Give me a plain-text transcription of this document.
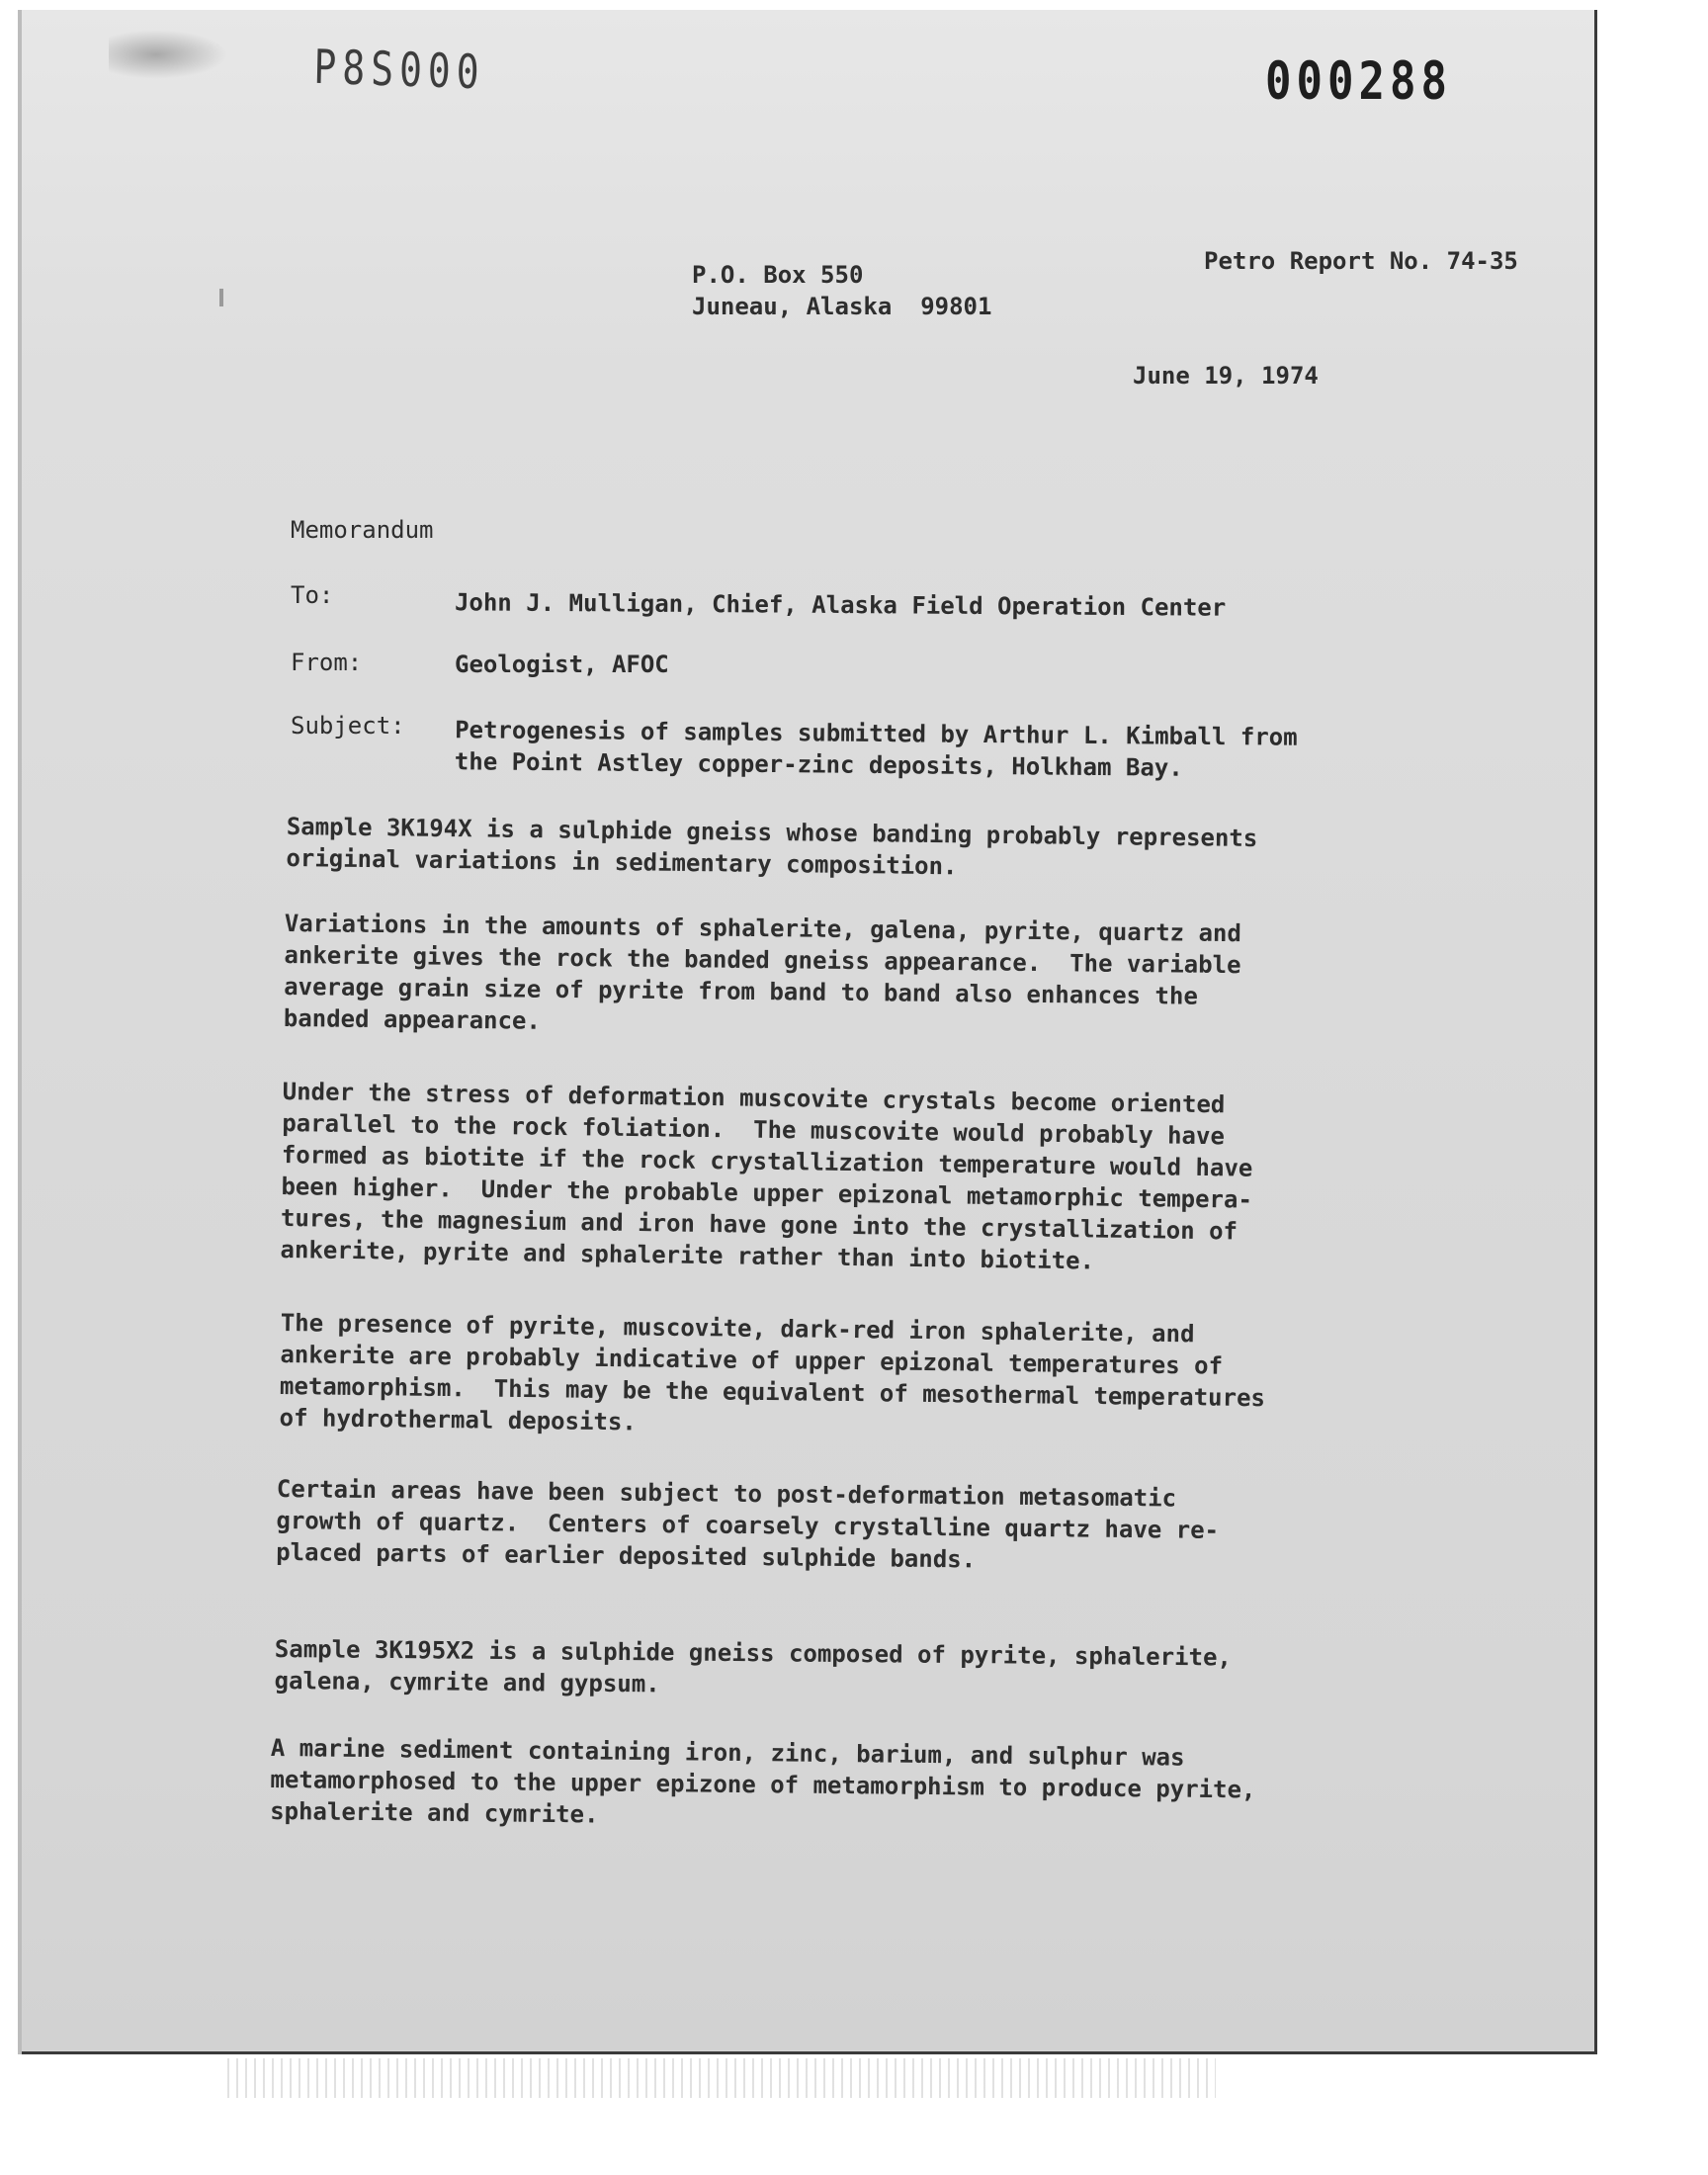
P8S000	000288
P.O. Box 550
Juneau, Alaska  99801
Petro Report No. 74-35
June 19, 1974
Memorandum
To:	John J. Mulligan, Chief, Alaska Field Operation Center
From:	Geologist, AFOC
Subject: Petrogenesis of samples submitted by Arthur L. Kimball from
the Point Astley copper-zinc deposits, Holkham Bay.
Sample 3K194X is a sulphide gneiss whose banding probably represents
original variations in sedimentary composition.
Variations in the amounts of sphalerite, galena, pyrite, quartz and
ankerite gives the rock the banded gneiss appearance.  The variable
average grain size of pyrite from band to band also enhances the
banded appearance.
Under the stress of deformation muscovite crystals become oriented
parallel to the rock foliation.  The muscovite would probably have
formed as biotite if the rock crystallization temperature would have
been higher.  Under the probable upper epizonal metamorphic tempera-
tures, the magnesium and iron have gone into the crystallization of
ankerite, pyrite and sphalerite rather than into biotite.
The presence of pyrite, muscovite, dark-red iron sphalerite, and
ankerite are probably indicative of upper epizonal temperatures of
metamorphism.  This may be the equivalent of mesothermal temperatures
of hydrothermal deposits.
Certain areas have been subject to post-deformation metasomatic
growth of quartz.  Centers of coarsely crystalline quartz have re-
placed parts of earlier deposited sulphide bands.
Sample 3K195X2 is a sulphide gneiss composed of pyrite, sphalerite,
galena, cymrite and gypsum.
A marine sediment containing iron, zinc, barium, and sulphur was
metamorphosed to the upper epizone of metamorphism to produce pyrite,
sphalerite and cymrite.
